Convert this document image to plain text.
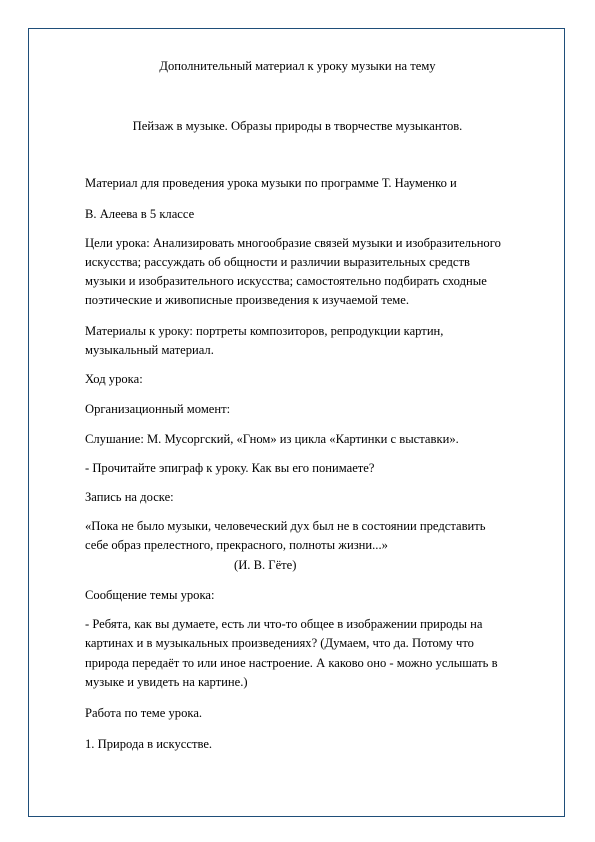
Дополнительный материал к уроку музыки на тему
Пейзаж в музыке. Образы природы в творчестве музыкантов.
Материал для проведения урока музыки по программе Т. Науменко и
В. Алеева в 5 классе
Цели урока: Анализировать многообразие связей музыки и изобразительного
искусства; рассуждать об общности и различии выразительных средств
музыки и изобразительного искусства; самостоятельно подбирать сходные
поэтические и живописные произведения к изучаемой теме.
Материалы к уроку: портреты композиторов, репродукции картин,
музыкальный материал.
Ход урока:
Организационный момент:
Слушание: М. Мусоргский, «Гном» из цикла «Картинки с выставки».
- Прочитайте эпиграф к уроку. Как вы его понимаете?
Запись на доске:
«Пока не было музыки, человеческий дух был не в состоянии представить
себе образ прелестного, прекрасного, полноты жизни...»
(И. В. Гёте)
Сообщение темы урока:
- Ребята, как вы думаете, есть ли что-то общее в изображении природы на
картинах и в музыкальных произведениях? (Думаем, что да. Потому что
природа передаёт то или иное настроение. А каково оно - можно услышать в
музыке и увидеть на картине.)
Работа по теме урока.
1. Природа в искусстве.
